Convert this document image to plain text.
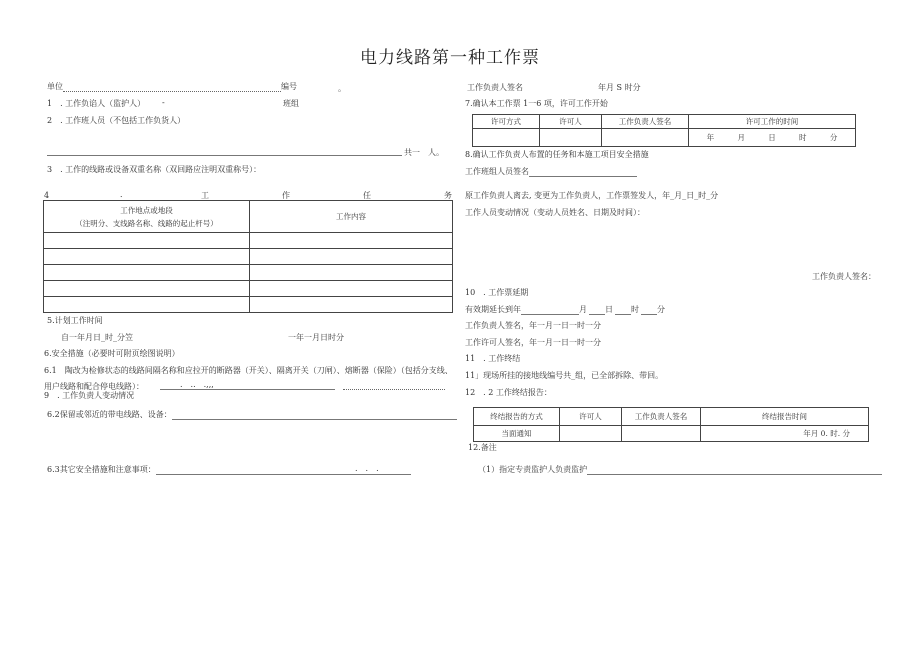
电力线路第一种工作票
单位	编号	。
1　. 工作负谄人（监护人） -	班组
2　. 工作班人员（不包括工作负货人）
共一　人。
3　. 工作的线路或设备双重名称（双回路应注明双重称号）：
4	．	工	作	任	务
工作地点或地段
（注明分、支线路名称、线路的起止杆号）	工作内容

5.计划工作时间
自一年月日_时_分笠	一年一月日时分
6.安全措施（必要时可附页绘图说明）
6.1　陶改为检修状态的线路间隔名称和应拉开的断路器（开关）、隔离开关（刀闸）、熔断器（保险）（包括分支线、
用户线路和配合停电线路）：	.　..　.,,,
9　. 工作负责人变动情况
6.2保留或邻近的带电线路、设备：
6.3其它安全措施和注意事项：	.　.　.
工作负责人签名	年月 S 时分
7.确认本工作票 1一6 项，许可工作开始
许可方式	许可人	工作负责人签名	许可工作的时间

			年 月 日 时 分
8.确认工作负责人布置的任务和本施工项目安全措施
工作班组人员签名
原工作负责人离去, 变更为工作负责人，工作票签发人，年_月_日_时_分
工作人员变动情况（变动人员姓名、日期及时间）：
工作负责人签名：
10　. 工作票延期
有效期延长到年	月 日 时 分
工作负责人签名，年一月一日一时一分
工作许可人签名，年一月一日一时一分
11　. 工作终结
11」现场所挂的接地线编号共_组，已全部拆除、带回。
12　. 2 工作终结报告：
终结报告的方式	许可人	工作负责人签名	终结报告时间
当面通知			年月 0. 时. 分
12.备注
（1）指定专责监护人负责监护
